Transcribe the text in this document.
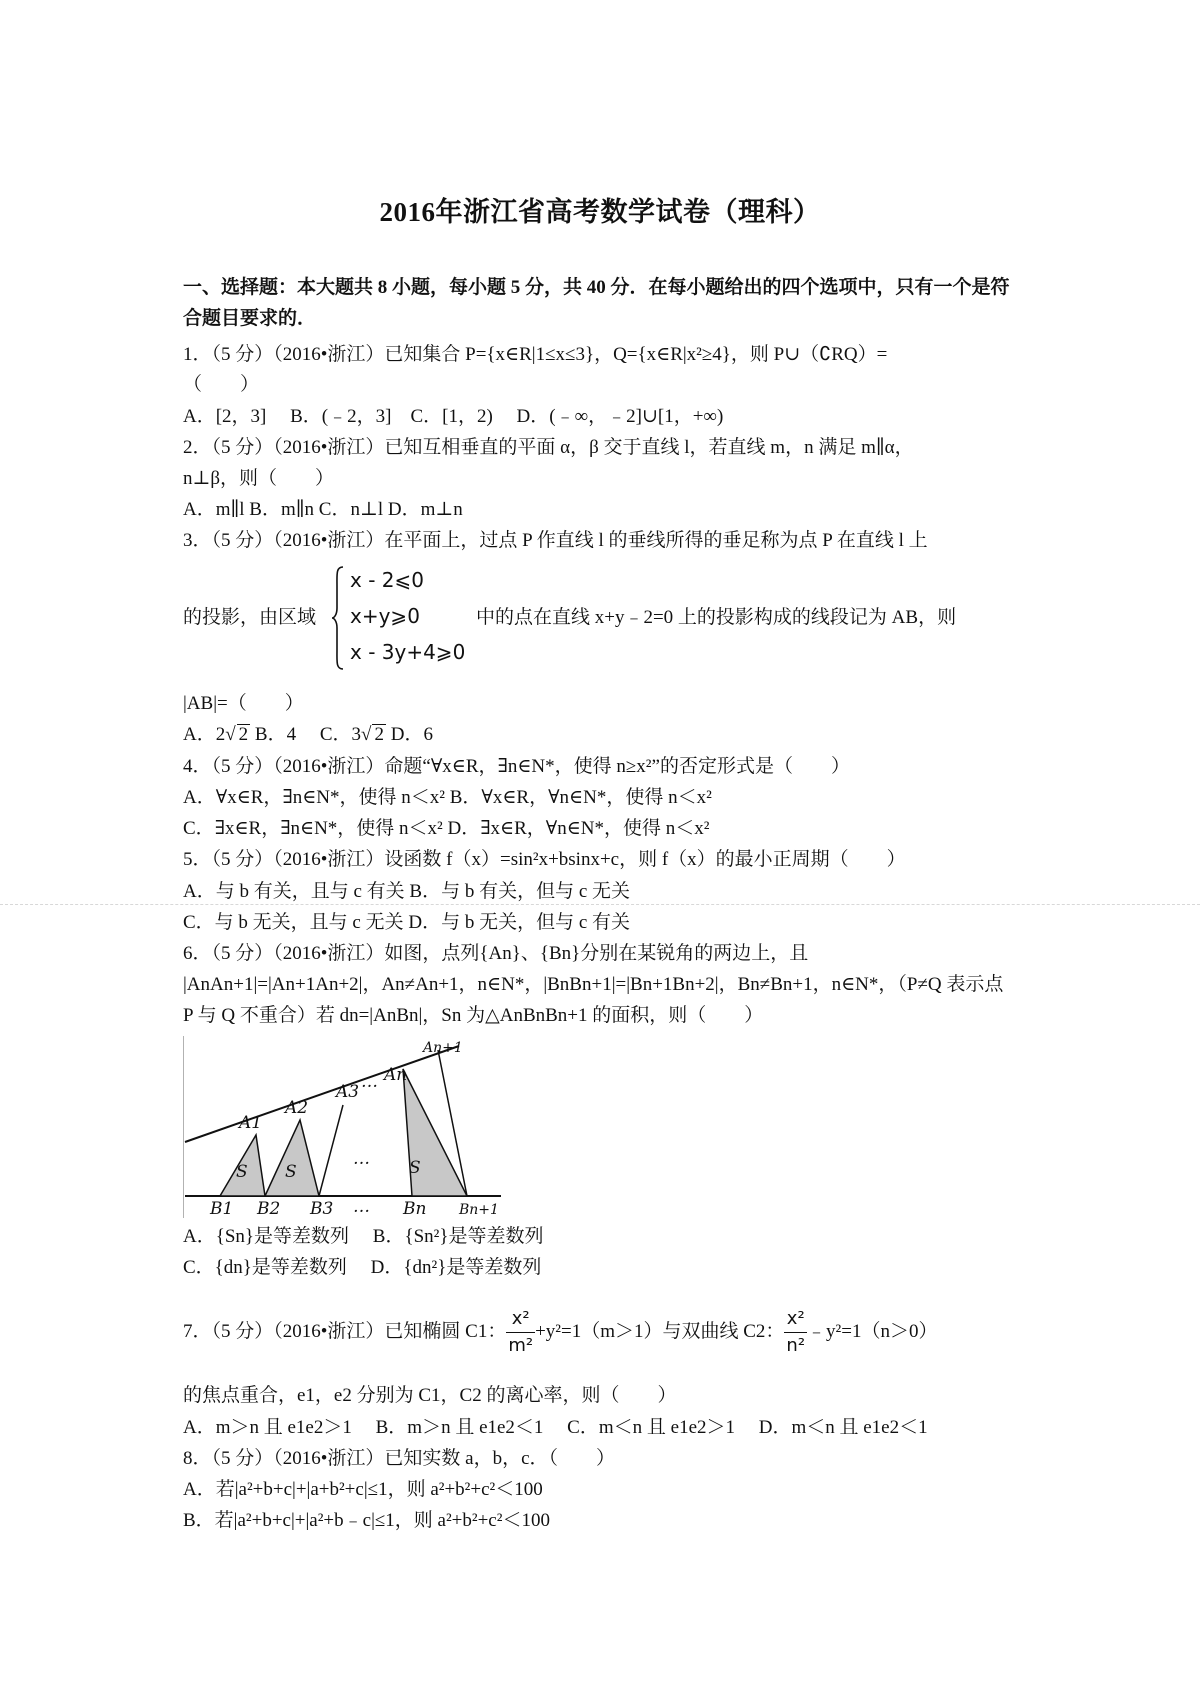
2016年浙江省高考数学试卷（理科）
一、选择题：本大题共 8 小题，每小题 5 分，共 40 分．在每小题给出的四个选项中，只有一个是符合题目要求的．
1．（5 分）（2016•浙江）已知集合 P={x∈R|1≤x≤3}，Q={x∈R|x²≥4}，则 P∪（∁RQ）=
（　　）
A．[2，3]　 B．(﹣2，3]　C．[1，2)　 D．(﹣∞，﹣2]∪[1，+∞)
2．（5 分）（2016•浙江）已知互相垂直的平面 α，β 交于直线 l，若直线 m，n 满足 m∥α，
n⊥β，则（　　）
A．m∥l B．m∥n C．n⊥l D．m⊥n
3．（5 分）（2016•浙江）在平面上，过点 P 作直线 l 的垂线所得的垂足称为点 P 在直线 l 上
的投影，由区域
x - 2⩽0
x+y⩾0
x - 3y+4⩾0
中的点在直线 x+y﹣2=0 上的投影构成的线段记为 AB，则
|AB|=（　　）
A．2√ 2 B．4　 C．3√ 2 D．6
4．（5 分）（2016•浙江）命题“∀x∈R，∃n∈N*，使得 n≥x²”的否定形式是（　　）
A．∀x∈R，∃n∈N*，使得 n＜x² B．∀x∈R，∀n∈N*，使得 n＜x²
C．∃x∈R，∃n∈N*，使得 n＜x² D．∃x∈R，∀n∈N*，使得 n＜x²
5．（5 分）（2016•浙江）设函数 f（x）=sin²x+bsinx+c，则 f（x）的最小正周期（　　）
A．与 b 有关，且与 c 有关 B．与 b 有关，但与 c 无关
C．与 b 无关，且与 c 无关 D．与 b 无关，但与 c 有关
6．（5 分）（2016•浙江）如图，点列{An}、{Bn}分别在某锐角的两边上，且
|AnAn+1|=|An+1An+2|，An≠An+1，n∈N*，|BnBn+1|=|Bn+1Bn+2|，Bn≠Bn+1，n∈N*，（P≠Q 表示点
P 与 Q 不重合）若 dn=|AnBn|，Sn 为△AnBnBn+1 的面积，则（　　）
A1
A2
A3 … An
An+1
S S
… S
B1 B2 B3 … Bn Bn+1
A．{Sn}是等差数列　 B．{Sn²}是等差数列
C．{dn}是等差数列　 D．{dn²}是等差数列
7．（5 分）（2016•浙江）已知椭圆 C1： $\frac{\text{x²}}{\text{m²}} +y^2=1(m>1)$与双曲线 C2： $\frac{\text{x²}}{\text{n²}}$ ﹣y²=1（n＞0）
的焦点重合，e1，e2 分别为 C1，C2 的离心率，则（　　）
A．m＞n 且 e1e2＞1　 B．m＞n 且 e1e2＜1　 C．m＜n 且 e1e2＞1　 D．m＜n 且 e1e2＜1
8．（5 分）（2016•浙江）已知实数 a，b，c．（　　）
A．若|a²+b+c|+|a+b²+c|≤1，则 a²+b²+c²＜100
B．若|a²+b+c|+|a²+b﹣c|≤1，则 a²+b²+c²＜100
